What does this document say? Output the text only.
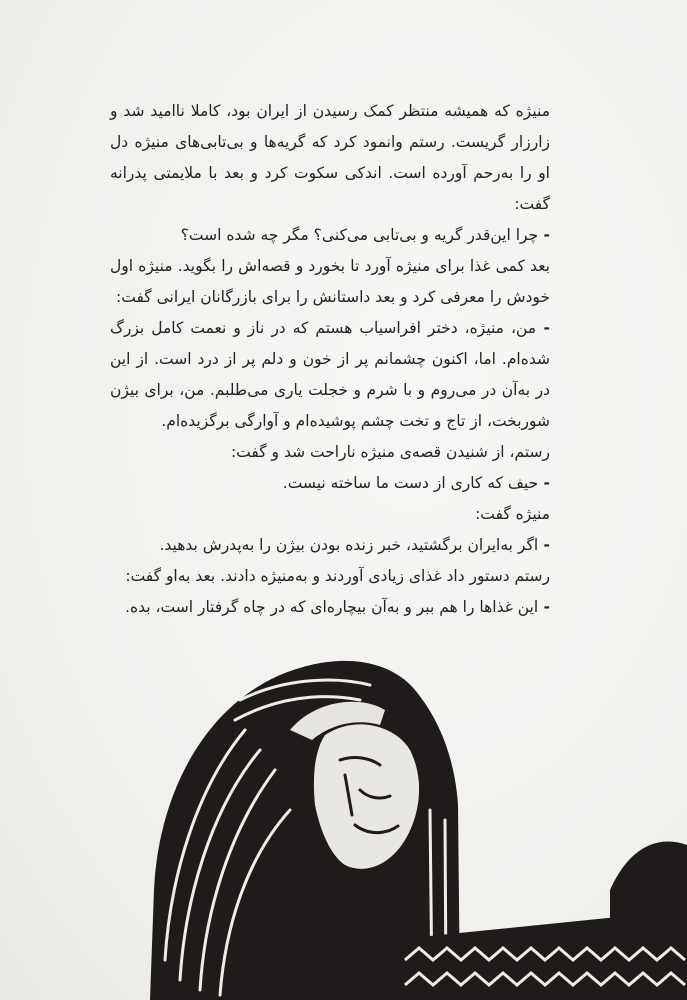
منیژه که همیشه منتظر کمک رسیدن از ایران بود، کاملا ناامید شد و زارزار گریست. رستم وانمود کرد که گریه‌ها و بی‌تابی‌های منیژه دل او را به‌رحم آورده است. اندکی سکوت کرد و بعد با ملایمتی پدرانه گفت:

- چرا این‌قدر گریه و بی‌تابی می‌کنی؟ مگر چه شده است؟

بعد کمی غذا برای منیژه آورد تا بخورد و قصه‌اش را بگوید. منیژه اول خودش را معرفی کرد و بعد داستانش را برای بازرگانان ایرانی گفت:

- من، منیژه، دختر افراسیاب هستم که در ناز و نعمت کامل بزرگ شده‌ام. اما، اکنون چشمانم پر از خون و دلم پر از درد است. از این در به‌آن در می‌روم و با شرم و خجلت یاری می‌طلبم. من، برای بیژن شوربخت، از تاج و تخت چشم پوشیده‌ام و آوارگی برگزیده‌ام.

رستم، از شنیدن قصه‌ی منیژه ناراحت شد و گفت:

- حیف که کاری از دست ما ساخته نیست.

منیژه گفت:

- اگر به‌ایران برگشتید، خبر زنده بودن بیژن را به‌پدرش بدهید.

رستم دستور داد غذای زیادی آوردند و به‌منیژه دادند. بعد به‌او گفت:

- این غذاها را هم ببر و به‌آن بیچاره‌ای که در چاه گرفتار است، بده.
